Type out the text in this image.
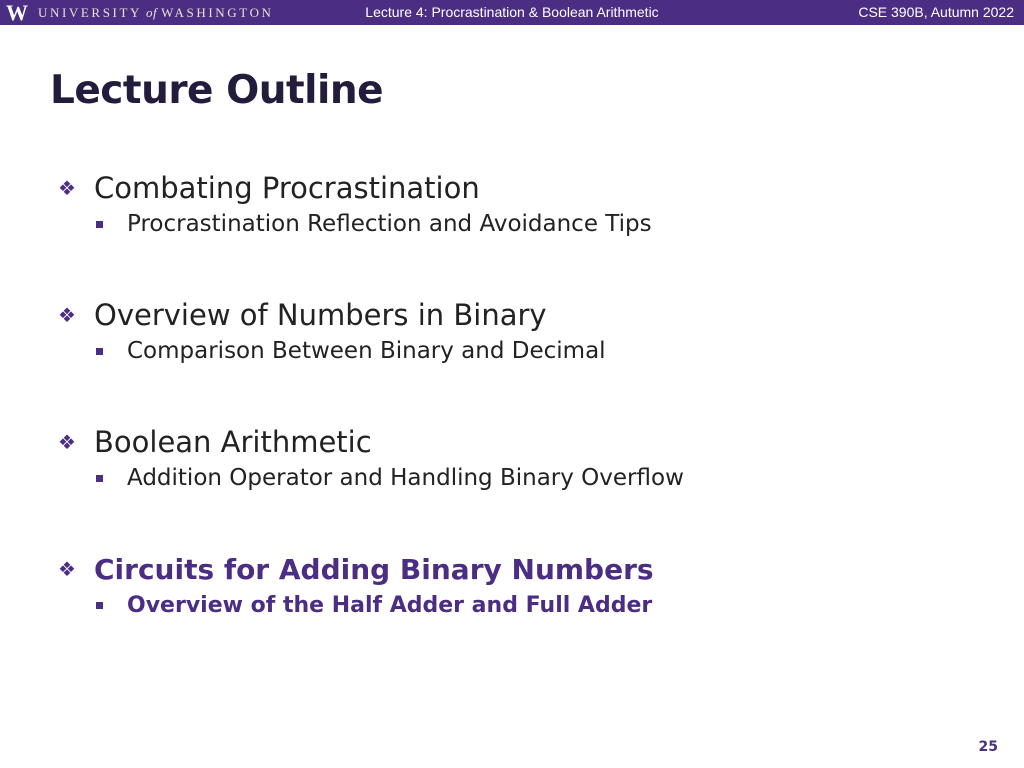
W UNIVERSITY of WASHINGTON	Lecture 4: Procrastination & Boolean Arithmetic	CSE 390B, Autumn 2022
Lecture Outline
❖ Combating Procrastination
Procrastination Reflection and Avoidance Tips
❖ Overview of Numbers in Binary
Comparison Between Binary and Decimal
❖ Boolean Arithmetic
Addition Operator and Handling Binary Overflow
❖ Circuits for Adding Binary Numbers
Overview of the Half Adder and Full Adder
25
